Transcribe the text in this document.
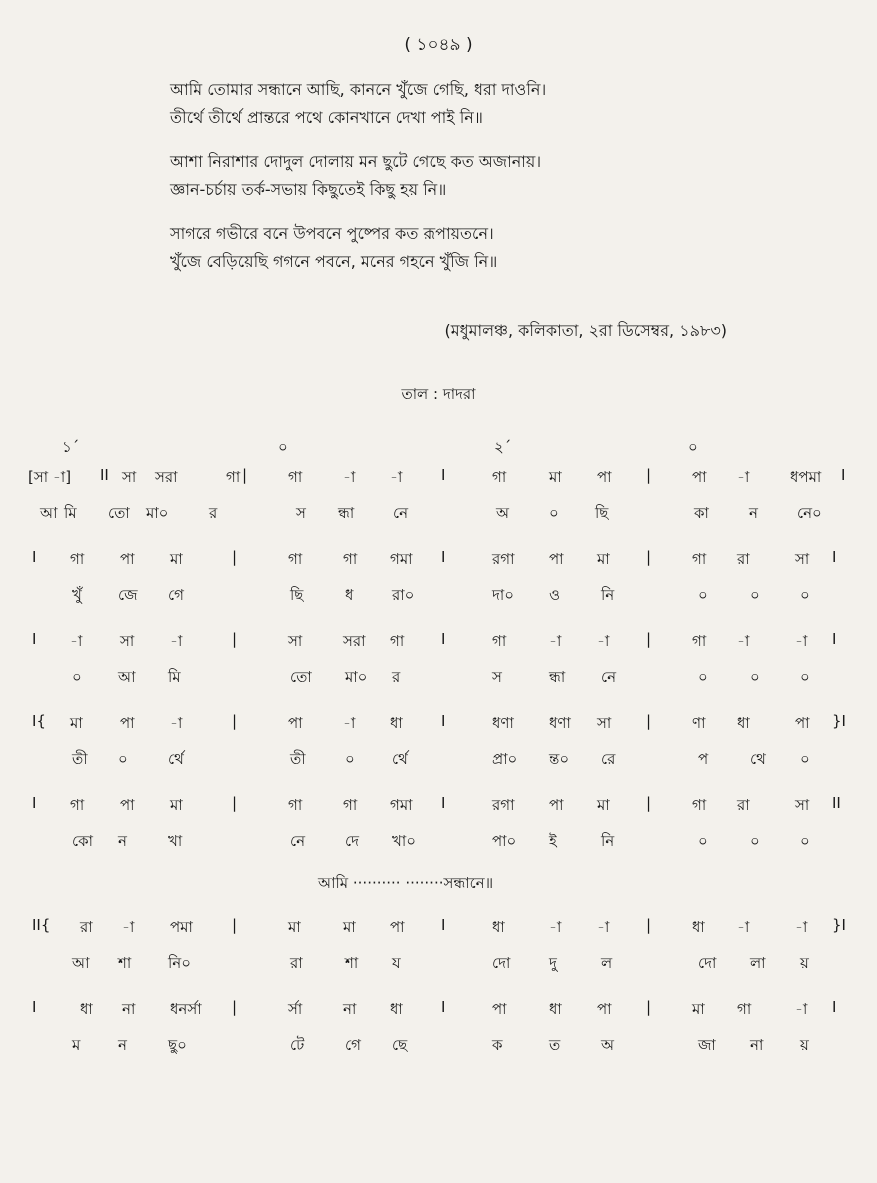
( ১০৪৯ )
আমি তোমার সন্ধানে আছি, কাননে খুঁজে গেছি, ধরা দাওনি।
তীর্থে তীর্থে প্রান্তরে পথে কোনখানে দেখা পাই নি॥
আশা নিরাশার দোদুল দোলায় মন ছুটে গেছে কত অজানায়।
জ্ঞান-চর্চায় তর্ক-সভায় কিছুতেই কিছু হয় নি॥
সাগরে গভীরে বনে উপবনে পুষ্পের কত রূপায়তনে।
খুঁজে বেড়িয়েছি গগনে পবনে, মনের গহনে খুঁজি নি॥
(মধুমালঞ্চ, কলিকাতা, ২রা ডিসেম্বর, ১৯৮৩)
তাল : দাদরা
১´	০	২´	০
[সা -া] II সা সরা	গা |	গা	-া -া	I	গা	মা পা |	পা -া	ধপমা I
আ মি তো মা০	র	স ন্ধা	নে	অ	০ ছি	কা	ন	নে০
I গা পা মা	|	গা	গা গমা I	রগা পা মা |	গা রা	সা I
খুঁ জে গে	ছি	ধ	রা০	দা০ ও	নি	০	০	০
I -া	সা -া	|	সা	সরা গা I	গা	-া -া |	গা -া	-া I
০ আ মি	তো মা০ র	স	ন্ধা নে	০	০	০
I{ মা পা -া	|	পা	-া ধা	I	ধণা ধণা সা |	ণা ধা	পা }I
তী ০	র্থে	তী	০ র্থে	প্রা০ ন্ত০ রে	প	থে ০
I গা পা মা	|	গা	গা গমা I	রগা পা মা |	গা রা	সা II
কো ন	খা	নে	দে খা০	পা০ ই	নি	০	০	০
আমি ·········· ········সন্ধানে॥
II{ রা -া পমা	|	মা	মা পা I	ধা	-া -া |	ধা -া	-া }I
আ শা নি০	রা	শা য	দো	দু	ল	দো লা য়
I	ধা না ধনর্সা |	র্সা	না ধা	I	পা	ধা পা |	মা গা	-া I
ম	ন	ছু০	টে	গে ছে	ক	ত	অ	জা না য়
